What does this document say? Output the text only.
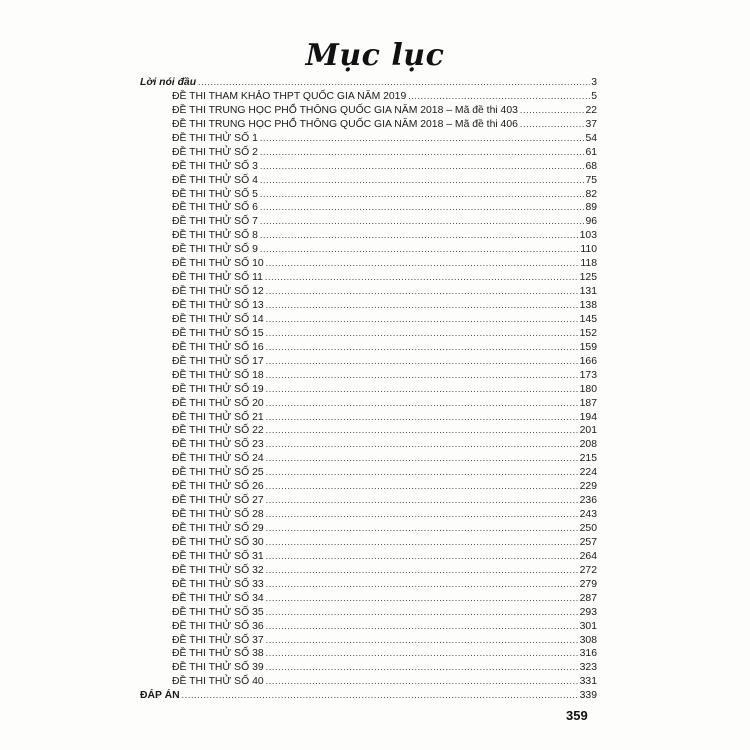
Mục lục
Lời nói đầu .....	3
ĐỀ THI THAM KHẢO THPT QUỐC GIA NĂM 2019 .....	5
ĐỀ THI TRUNG HỌC PHỔ THÔNG QUỐC GIA NĂM 2018 – Mã đề thi 403 .....	22
ĐỀ THI TRUNG HỌC PHỔ THÔNG QUỐC GIA NĂM 2018 – Mã đề thi 406 .....	37
ĐỀ THI THỬ SỐ 1 .....	54
ĐỀ THI THỬ SỐ 2 .....	61
ĐỀ THI THỬ SỐ 3 .....	68
ĐỀ THI THỬ SỐ 4 .....	75
ĐỀ THI THỬ SỐ 5 .....	82
ĐỀ THI THỬ SỐ 6 .....	89
ĐỀ THI THỬ SỐ 7 .....	96
ĐỀ THI THỬ SỐ 8 .....	103
ĐỀ THI THỬ SỐ 9 .....	110
ĐỀ THI THỬ SỐ 10 .....	118
ĐỀ THI THỬ SỐ 11 .....	125
ĐỀ THI THỬ SỐ 12 .....	131
ĐỀ THI THỬ SỐ 13 .....	138
ĐỀ THI THỬ SỐ 14 .....	145
ĐỀ THI THỬ SỐ 15 .....	152
ĐỀ THI THỬ SỐ 16 .....	159
ĐỀ THI THỬ SỐ 17 .....	166
ĐỀ THI THỬ SỐ 18 .....	173
ĐỀ THI THỬ SỐ 19 .....	180
ĐỀ THI THỬ SỐ 20 .....	187
ĐỀ THI THỬ SỐ 21 .....	194
ĐỀ THI THỬ SỐ 22 .....	201
ĐỀ THI THỬ SỐ 23 .....	208
ĐỀ THI THỬ SỐ 24 .....	215
ĐỀ THI THỬ SỐ 25 .....	224
ĐỀ THI THỬ SỐ 26 .....	229
ĐỀ THI THỬ SỐ 27 .....	236
ĐỀ THI THỬ SỐ 28 .....	243
ĐỀ THI THỬ SỐ 29 .....	250
ĐỀ THI THỬ SỐ 30 .....	257
ĐỀ THI THỬ SỐ 31 .....	264
ĐỀ THI THỬ SỐ 32 .....	272
ĐỀ THI THỬ SỐ 33 .....	279
ĐỀ THI THỬ SỐ 34 .....	287
ĐỀ THI THỬ SỐ 35 .....	293
ĐỀ THI THỬ SỐ 36 .....	301
ĐỀ THI THỬ SỐ 37 .....	308
ĐỀ THI THỬ SỐ 38 .....	316
ĐỀ THI THỬ SỐ 39 .....	323
ĐỀ THI THỬ SỐ 40 .....	331
ĐÁP ÁN .....	339
359
